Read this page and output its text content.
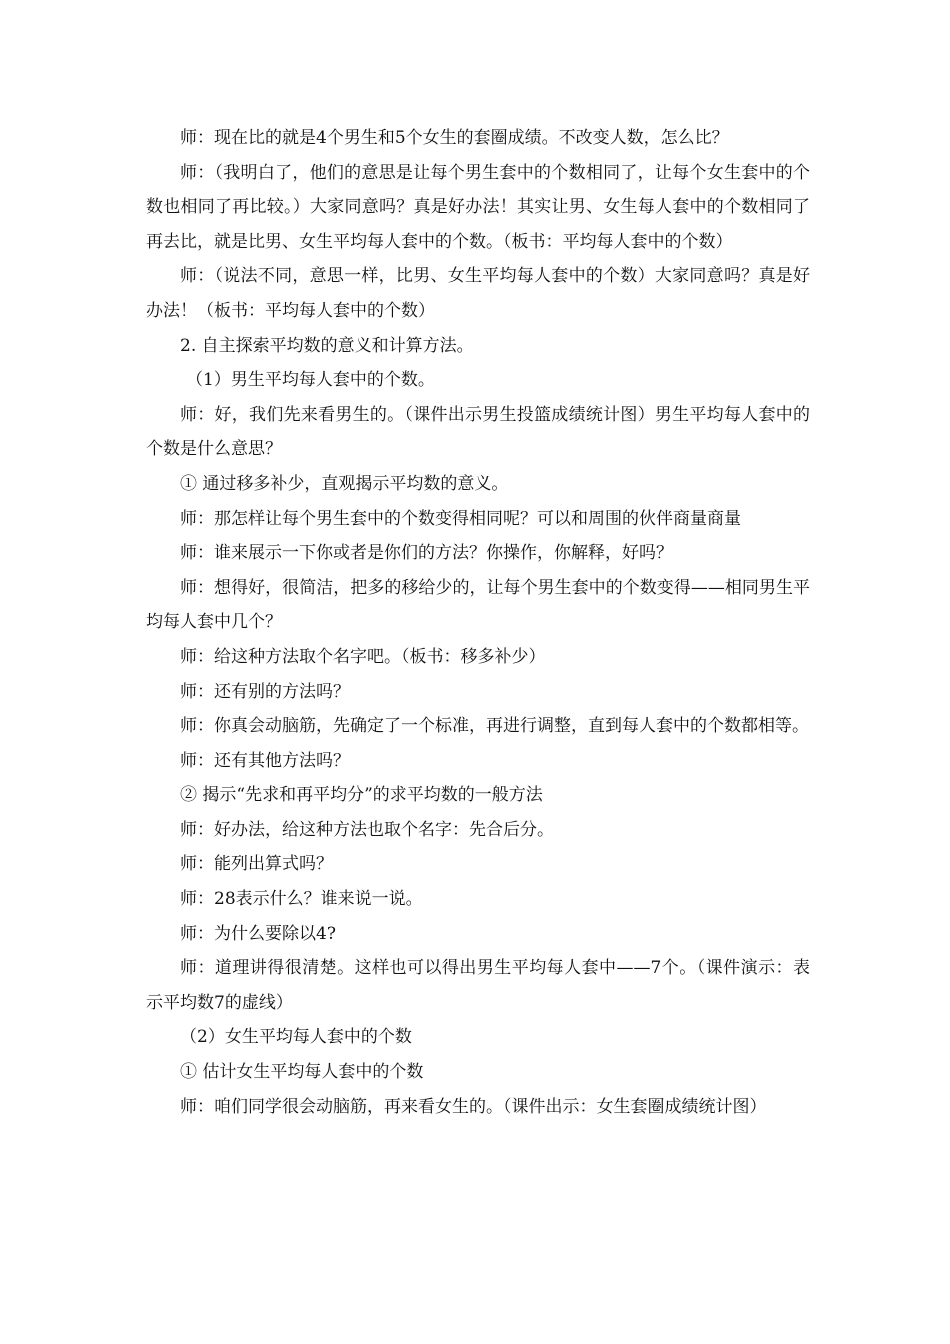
师：现在比的就是4个男生和5个女生的套圈成绩。不改变人数，怎么比？

师：（我明白了，他们的意思是让每个男生套中的个数相同了，让每个女生套中的个数也相同了再比较。）大家同意吗？真是好办法！其实让男、女生每人套中的个数相同了再去比，就是比男、女生平均每人套中的个数。（板书：平均每人套中的个数）

师：（说法不同，意思一样，比男、女生平均每人套中的个数）大家同意吗？真是好办法！（板书：平均每人套中的个数）

2. 自主探索平均数的意义和计算方法。

（1）男生平均每人套中的个数。

师：好，我们先来看男生的。（课件出示男生投篮成绩统计图）男生平均每人套中的个数是什么意思？

① 通过移多补少，直观揭示平均数的意义。

师：那怎样让每个男生套中的个数变得相同呢？可以和周围的伙伴商量商量

师：谁来展示一下你或者是你们的方法？你操作，你解释，好吗？

师：想得好，很简洁，把多的移给少的，让每个男生套中的个数变得——相同男生平均每人套中几个？

师：给这种方法取个名字吧。（板书：移多补少）

师：还有别的方法吗？

师：你真会动脑筋，先确定了一个标准，再进行调整，直到每人套中的个数都相等。

师：还有其他方法吗？

② 揭示“先求和再平均分”的求平均数的一般方法

师：好办法，给这种方法也取个名字：先合后分。

师：能列出算式吗？

师：28表示什么？谁来说一说。

师：为什么要除以4?

师：道理讲得很清楚。这样也可以得出男生平均每人套中——7个。（课件演示：表示平均数7的虚线）

（2）女生平均每人套中的个数

① 估计女生平均每人套中的个数

师：咱们同学很会动脑筋，再来看女生的。（课件出示：女生套圈成绩统计图）
